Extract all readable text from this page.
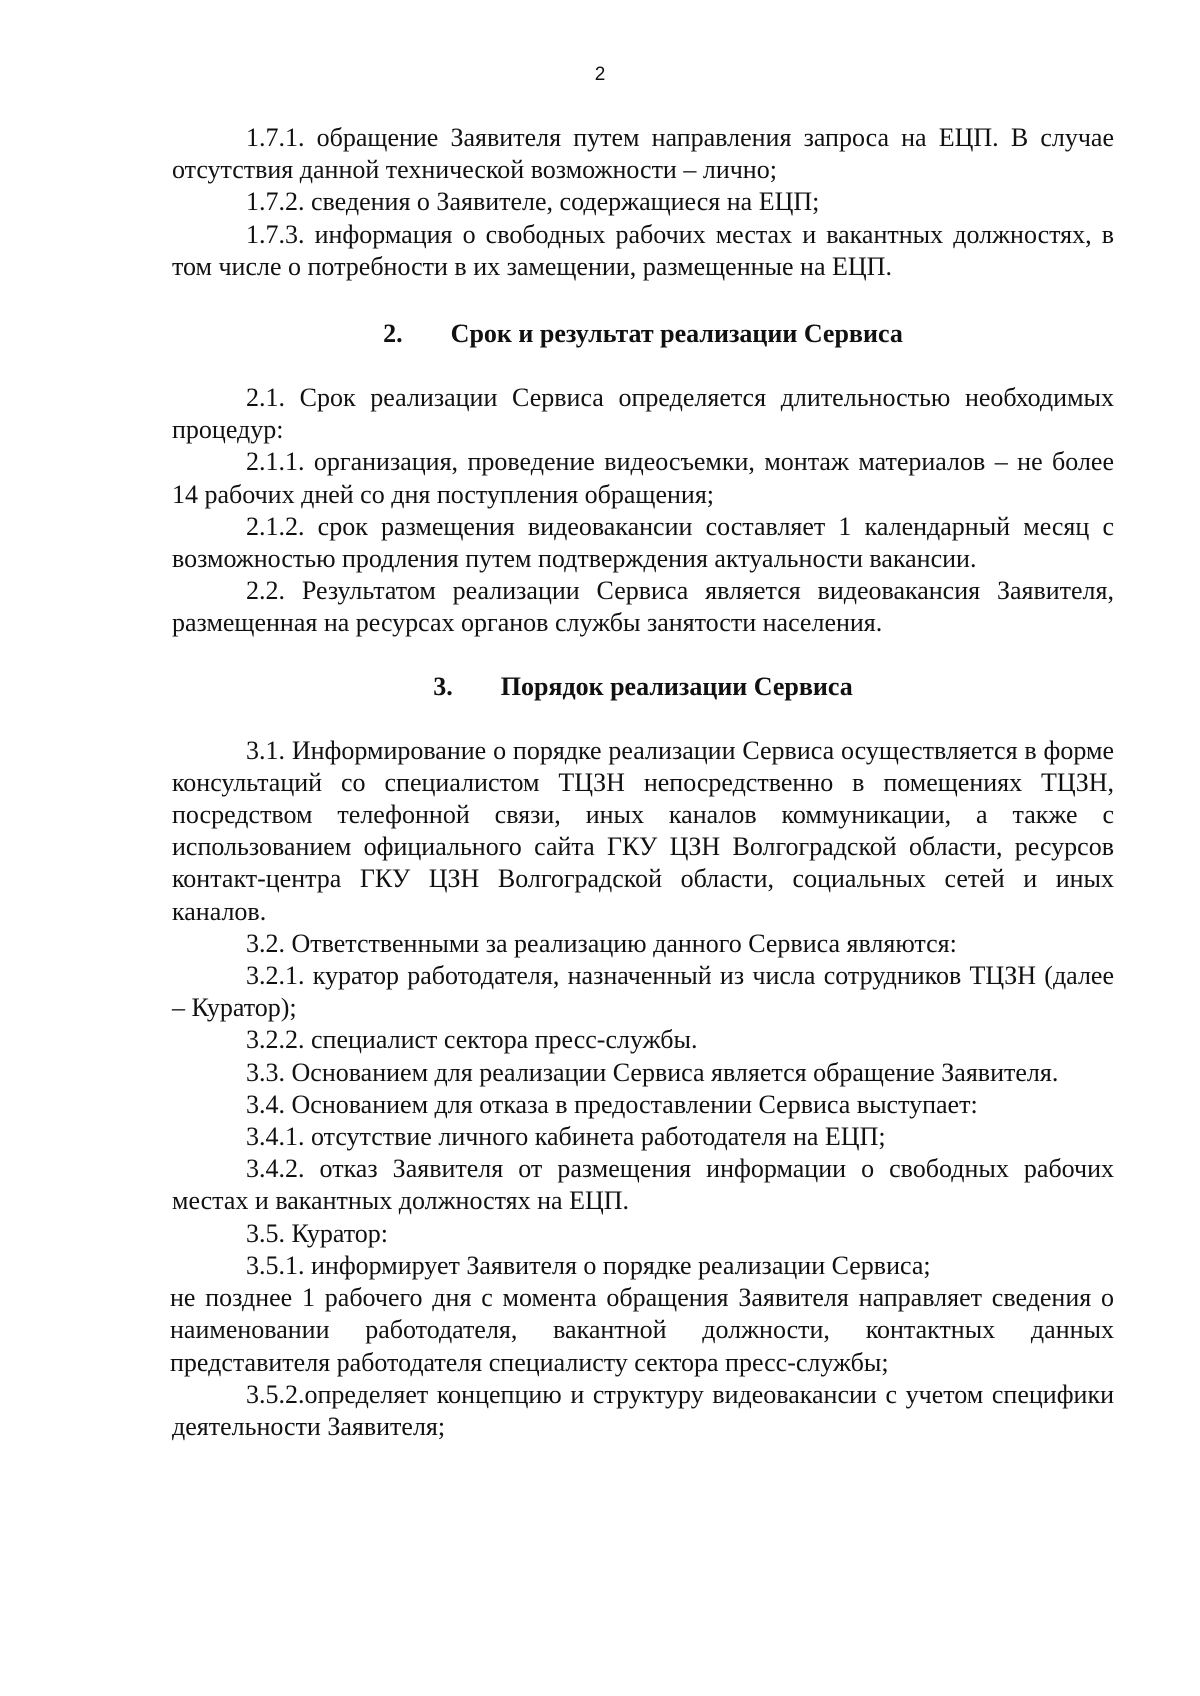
2

1.7.1. обращение Заявителя путем направления запроса на ЕЦП. В случае отсутствия данной технической возможности – лично;

1.7.2. сведения о Заявителе, содержащиеся на ЕЦП;

1.7.3. информация о свободных рабочих местах и вакантных должностях, в том числе о потребности в их замещении, размещенные на ЕЦП.

2. Срок и результат реализации Сервиса

2.1. Срок реализации Сервиса определяется длительностью необходимых процедур:

2.1.1. организация, проведение видеосъемки, монтаж материалов – не более 14 рабочих дней со дня поступления обращения;

2.1.2. срок размещения видеовакансии составляет 1 календарный месяц с возможностью продления путем подтверждения актуальности вакансии.

2.2. Результатом реализации Сервиса является видеовакансия Заявителя, размещенная на ресурсах органов службы занятости населения.

3. Порядок реализации Сервиса

3.1. Информирование о порядке реализации Сервиса осуществляется в форме консультаций со специалистом ТЦЗН непосредственно в помещениях ТЦЗН, посредством телефонной связи, иных каналов коммуникации, а также с использованием официального сайта ГКУ ЦЗН Волгоградской области, ресурсов контакт-центра ГКУ ЦЗН Волгоградской области, социальных сетей и иных каналов.

3.2. Ответственными за реализацию данного Сервиса являются:

3.2.1. куратор работодателя, назначенный из числа сотрудников ТЦЗН (далее – Куратор);

3.2.2. специалист сектора пресс-службы.

3.3. Основанием для реализации Сервиса является обращение Заявителя.

3.4. Основанием для отказа в предоставлении Сервиса выступает:

3.4.1. отсутствие личного кабинета работодателя на ЕЦП;

3.4.2. отказ Заявителя от размещения информации о свободных рабочих местах и вакантных должностях на ЕЦП.

3.5. Куратор:

3.5.1. информирует Заявителя о порядке реализации Сервиса;

не позднее 1 рабочего дня с момента обращения Заявителя направляет сведения о наименовании работодателя, вакантной должности, контактных данных представителя работодателя специалисту сектора пресс-службы;

3.5.2.определяет концепцию и структуру видеовакансии с учетом специфики деятельности Заявителя;
